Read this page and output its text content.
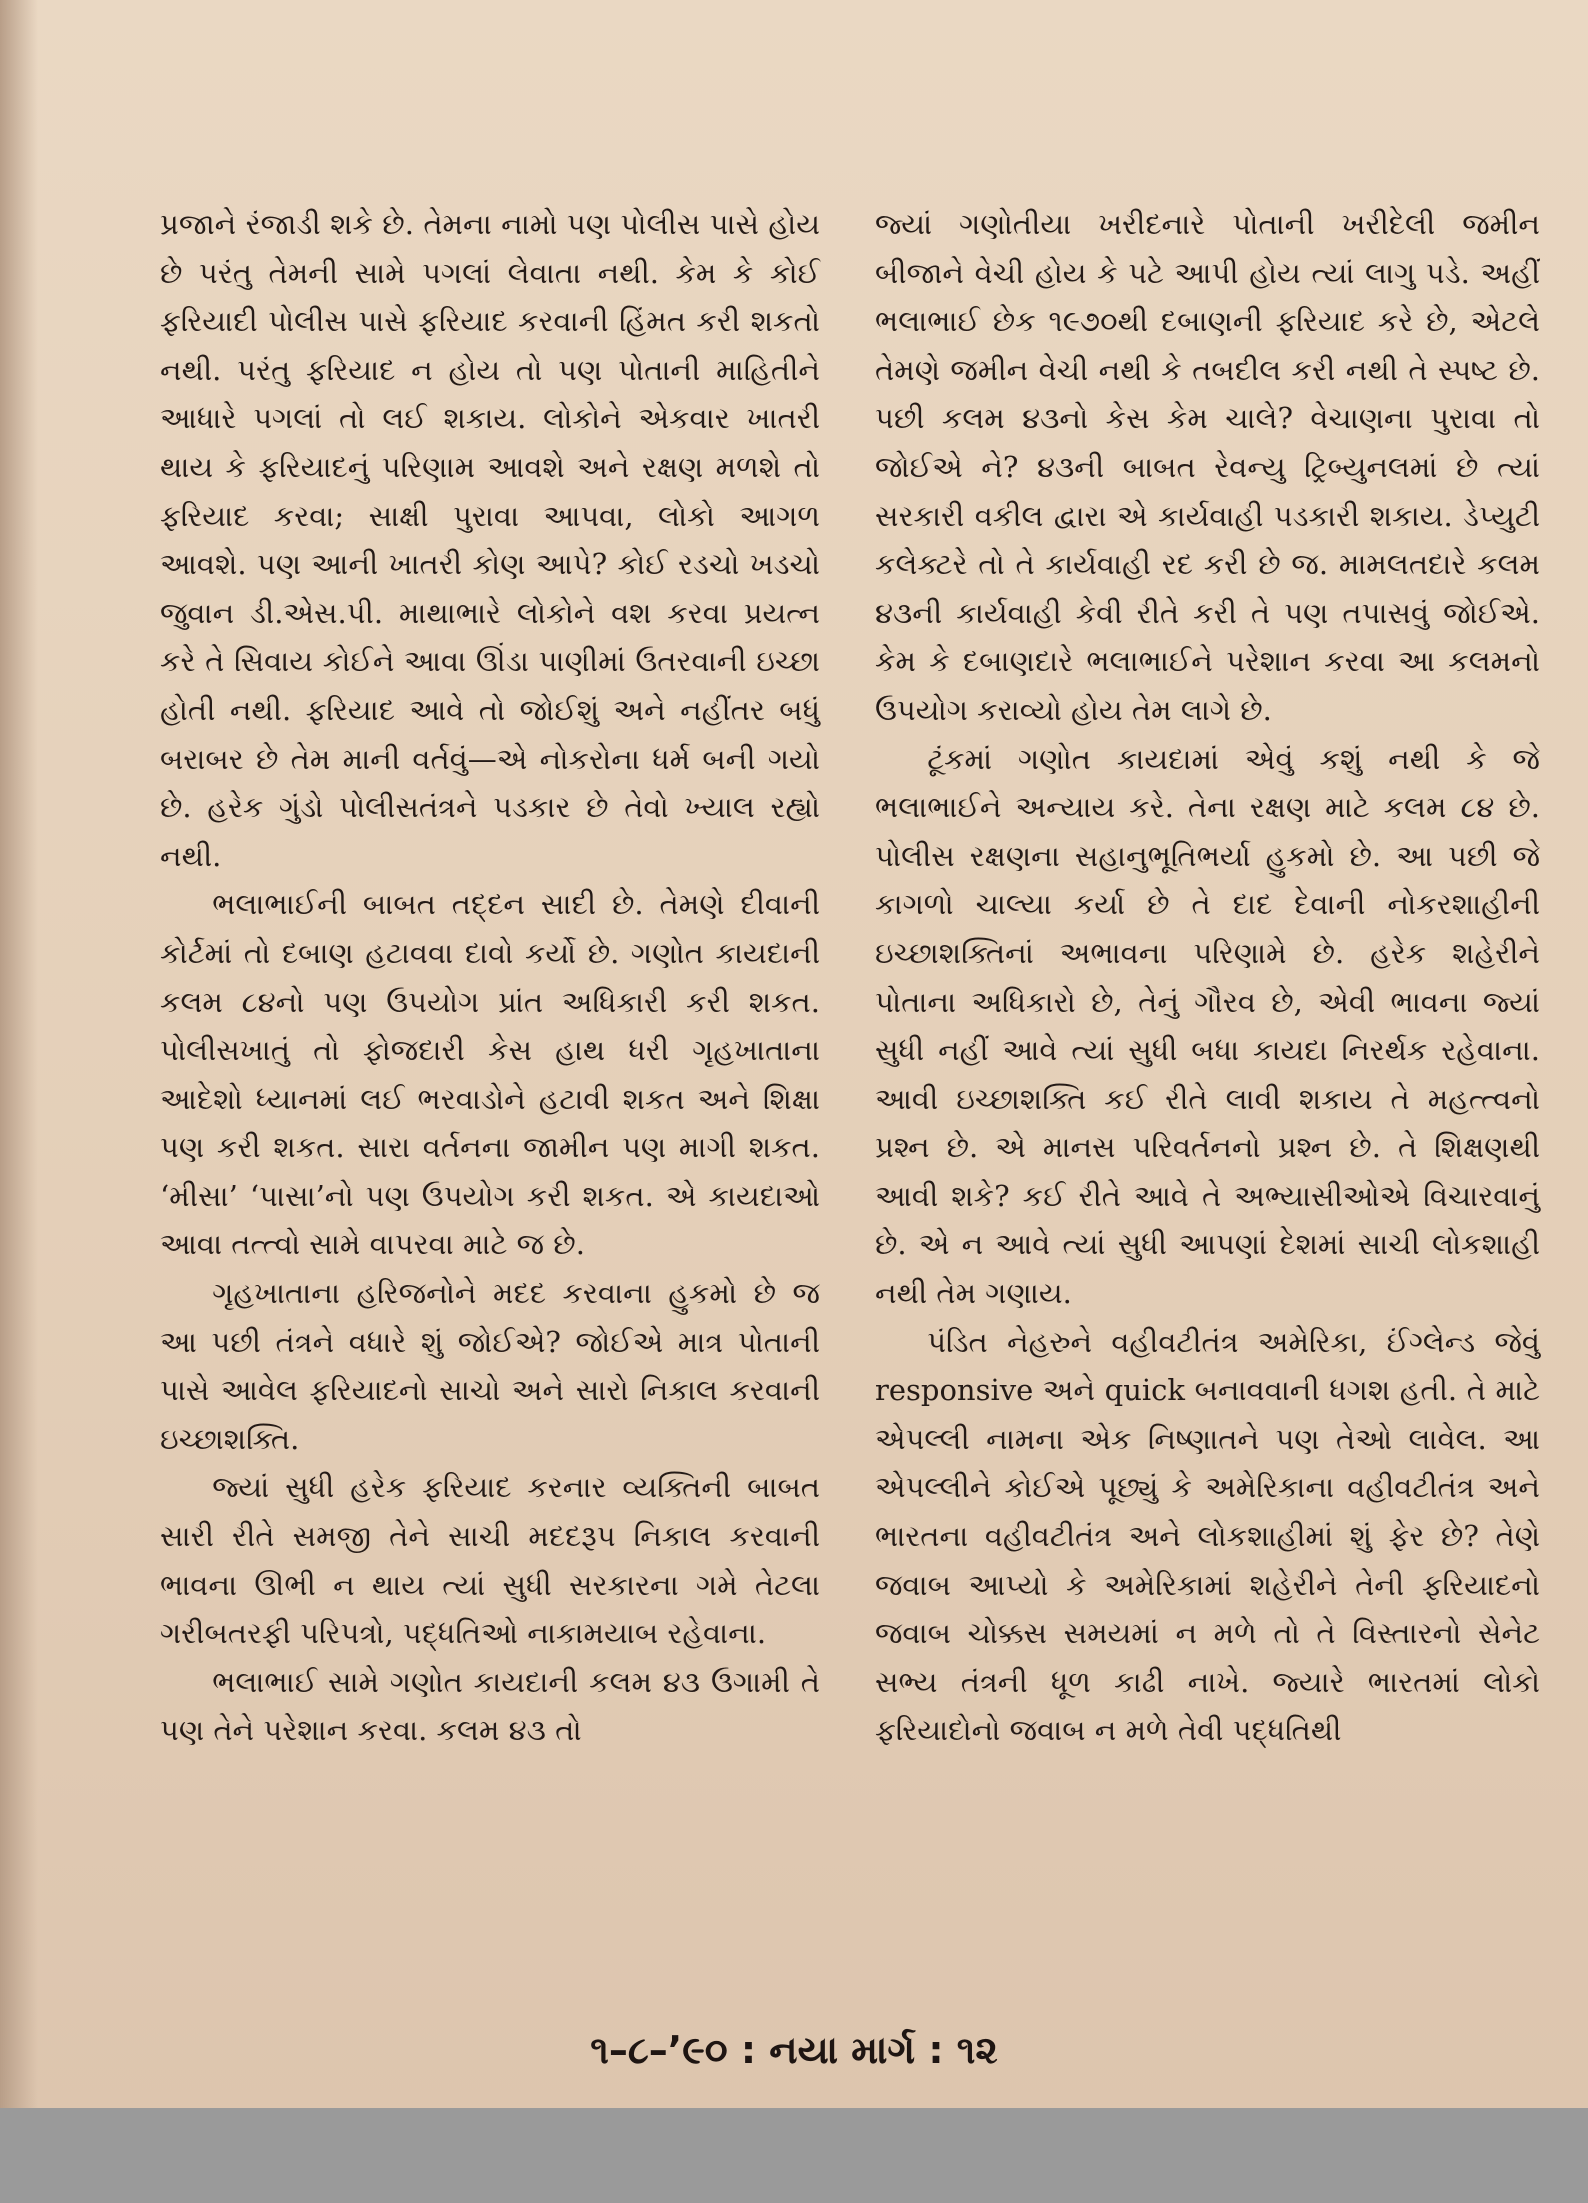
પ્રજાને રંજાડી શકે છે. તેમના નામો પણ પોલીસ પાસે હોય છે પરંતુ તેમની સામે પગલાં લેવાતા નથી. કેમ કે કોઈ ફરિયાદી પોલીસ પાસે ફરિયાદ કરવાની હિંમત કરી શકતો નથી. પરંતુ ફરિયાદ ન હોય તો પણ પોતાની માહિતીને આધારે પગલાં તો લઈ શકાય. લોકોને એકવાર ખાતરી થાય કે ફરિયાદનું પરિણામ આવશે અને રક્ષણ મળશે તો ફરિયાદ કરવા; સાક્ષી પુરાવા આપવા, લોકો આગળ આવશે. પણ આની ખાતરી કોણ આપે? કોઈ રડચો ખડચો જુવાન ડી.એસ.પી. માથાભારે લોકોને વશ કરવા પ્રયત્ન કરે તે સિવાય કોઈને આવા ઊંડા પાણીમાં ઉતરવાની ઇચ્છા હોતી નથી. ફરિયાદ આવે તો જોઈશું અને નહીંતર બધું બરાબર છે તેમ માની વર્તવું—એ નોકરોના ધર્મ બની ગયો છે. હરેક ગુંડો પોલીસતંત્રને પડકાર છે તેવો ખ્યાલ રહ્યો નથી.

ભલાભાઈની બાબત તદ્દન સાદી છે. તેમણે દીવાની કોર્ટમાં તો દબાણ હટાવવા દાવો કર્યો છે. ગણોત કાયદાની કલમ ૮૪નો પણ ઉપયોગ પ્રાંત અધિકારી કરી શકત. પોલીસખાતું તો ફોજદારી કેસ હાથ ધરી ગૃહખાતાના આદેશો ધ્યાનમાં લઈ ભરવાડોને હટાવી શકત અને શિક્ષા પણ કરી શકત. સારા વર્તનના જામીન પણ માગી શકત. ‘મીસા’ ‘પાસા’નો પણ ઉપયોગ કરી શકત. એ કાયદાઓ આવા તત્ત્વો સામે વાપરવા માટે જ છે.

ગૃહખાતાના હરિજનોને મદદ કરવાના હુકમો છે જ આ પછી તંત્રને વધારે શું જોઈએ? જોઈએ માત્ર પોતાની પાસે આવેલ ફરિયાદનો સાચો અને સારો નિકાલ કરવાની ઇચ્છાશક્તિ.

જ્યાં સુધી હરેક ફરિયાદ કરનાર વ્યક્તિની બાબત સારી રીતે સમજી તેને સાચી મદદરૂપ નિકાલ કરવાની ભાવના ઊભી ન થાય ત્યાં સુધી સરકારના ગમે તેટલા ગરીબતરફી પરિપત્રો, પદ્ધતિઓ નાકામયાબ રહેવાના.

ભલાભાઈ સામે ગણોત કાયદાની કલમ ૪૩ ઉગામી તે પણ તેને પરેશાન કરવા. કલમ ૪૩ તો

જ્યાં ગણોતીયા ખરીદનારે પોતાની ખરીદેલી જમીન બીજાને વેચી હોય કે પટે આપી હોય ત્યાં લાગુ પડે. અહીં ભલાભાઈ છેક ૧૯૭૦થી દબાણની ફરિયાદ કરે છે, એટલે તેમણે જમીન વેચી નથી કે તબદીલ કરી નથી તે સ્પષ્ટ છે. પછી કલમ ૪૩નો કેસ કેમ ચાલે? વેચાણના પુરાવા તો જોઈએ ને? ૪૩ની બાબત રેવન્યુ ટ્રિબ્યુનલમાં છે ત્યાં સરકારી વકીલ દ્વારા એ કાર્યવાહી પડકારી શકાય. ડેપ્યુટી કલેક્ટરે તો તે કાર્યવાહી રદ કરી છે જ. મામલતદારે કલમ ૪૩ની કાર્યવાહી કેવી રીતે કરી તે પણ તપાસવું જોઈએ. કેમ કે દબાણદારે ભલાભાઈને પરેશાન કરવા આ કલમનો ઉપયોગ કરાવ્યો હોય તેમ લાગે છે.

ટૂંકમાં ગણોત કાયદામાં એવું કશું નથી કે જે ભલાભાઈને અન્યાય કરે. તેના રક્ષણ માટે કલમ ૮૪ છે. પોલીસ રક્ષણના સહાનુભૂતિભર્યા હુકમો છે. આ પછી જે કાગળો ચાલ્યા કર્યા છે તે દાદ દેવાની નોકરશાહીની ઇચ્છાશક્તિનાં અભાવના પરિણામે છે. હરેક શહેરીને પોતાના અધિકારો છે, તેનું ગૌરવ છે, એવી ભાવના જ્યાં સુધી નહીં આવે ત્યાં સુધી બધા કાયદા નિરર્થક રહેવાના. આવી ઇચ્છાશક્તિ કઈ રીતે લાવી શકાય તે મહત્ત્વનો પ્રશ્ન છે. એ માનસ પરિવર્તનનો પ્રશ્ન છે. તે શિક્ષણથી આવી શકે? કઈ રીતે આવે તે અભ્યાસીઓએ વિચારવાનું છે. એ ન આવે ત્યાં સુધી આપણાં દેશમાં સાચી લોકશાહી નથી તેમ ગણાય.

પંડિત નેહરુને વહીવટીતંત્ર અમેરિકા, ઈંગ્લેન્ડ જેવું responsive અને quick બનાવવાની ધગશ હતી. તે માટે એપલ્લી નામના એક નિષ્ણાતને પણ તેઓ લાવેલ. આ એપલ્લીને કોઈએ પૂછ્યું કે અમેરિકાના વહીવટીતંત્ર અને ભારતના વહીવટીતંત્ર અને લોકશાહીમાં શું ફેર છે? તેણે જવાબ આપ્યો કે અમેરિકામાં શહેરીને તેની ફરિયાદનો જવાબ ચોક્કસ સમયમાં ન મળે તો તે વિસ્તારનો સેનેટ સભ્ય તંત્રની ધૂળ કાઢી નાખે. જ્યારે ભારતમાં લોકો ફરિયાદોનો જવાબ ન મળે તેવી પદ્ધતિથી

૧–૮–’૯૦ : નયા માર્ગ : ૧૨
